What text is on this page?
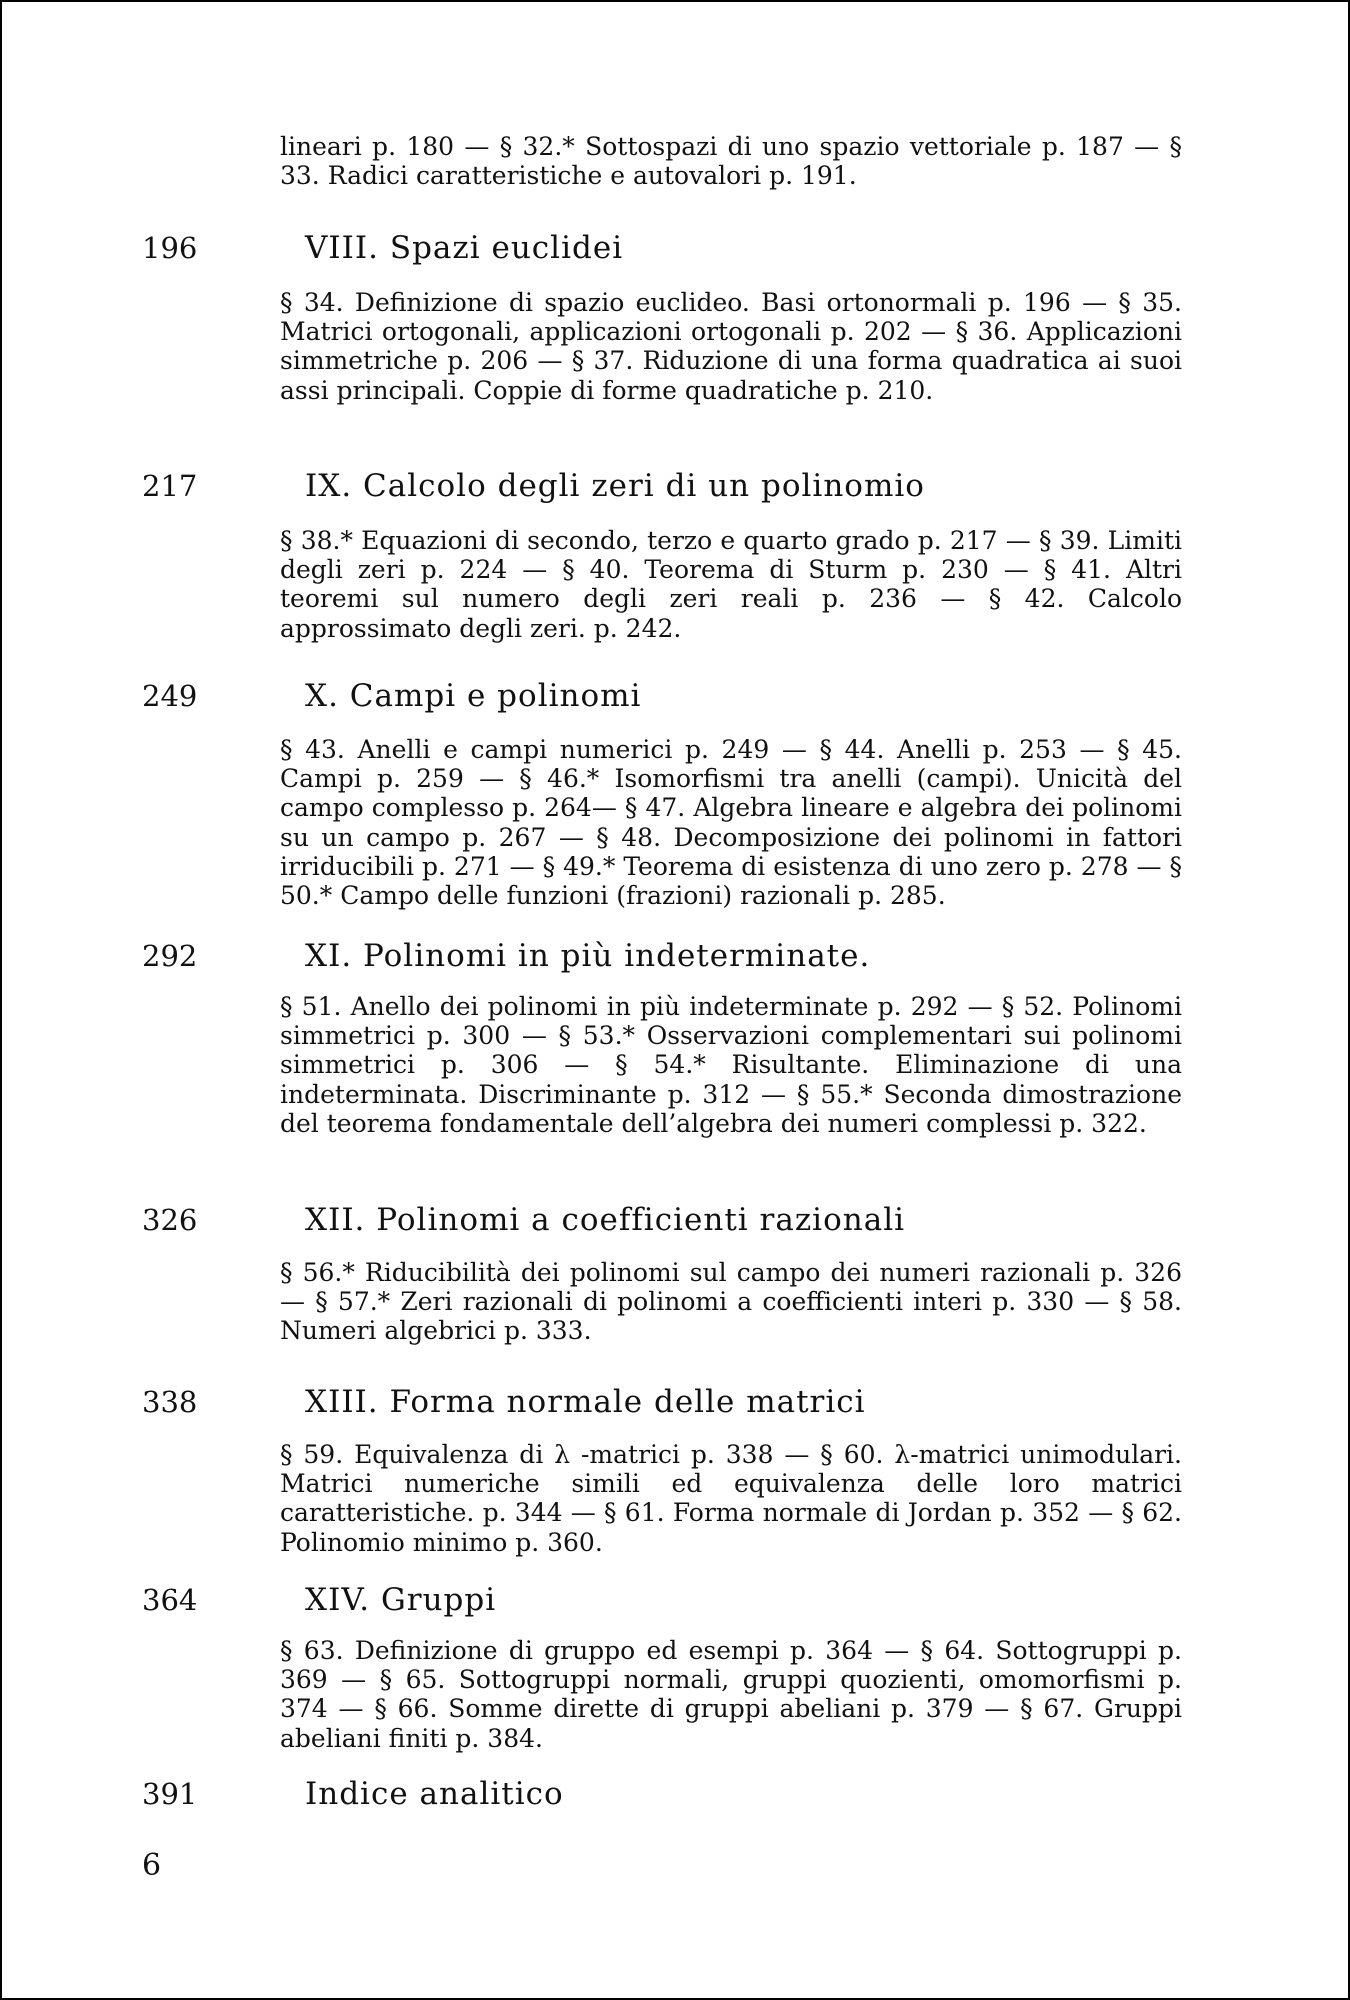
lineari p. 180 — § 32.* Sottospazi di uno spazio vettoriale p. 187 — § 33. Radici caratteristiche e autovalori p. 191.
196	VIII. Spazi euclidei
§ 34. Definizione di spazio euclideo. Basi ortonormali p. 196 — § 35. Matrici ortogonali, applicazioni ortogonali p. 202 — § 36. Applicazioni simmetriche p. 206 — § 37. Riduzione di una forma quadratica ai suoi assi principali. Coppie di forme quadratiche p. 210.
217	IX. Calcolo degli zeri di un polinomio
§ 38.* Equazioni di secondo, terzo e quarto grado p. 217 — § 39. Limiti degli zeri p. 224 — § 40. Teorema di Sturm p. 230 — § 41. Altri teoremi sul numero degli zeri reali p. 236 — § 42. Calcolo approssimato degli zeri. p. 242.
249	X. Campi e polinomi
§ 43. Anelli e campi numerici p. 249 — § 44. Anelli p. 253 — § 45. Campi p. 259 — § 46.* Isomorfismi tra anelli (campi). Unicità del campo complesso p. 264— § 47. Algebra lineare e algebra dei polinomi su un campo p. 267 — § 48. Decomposizione dei polinomi in fattori irriducibili p. 271 — § 49.* Teorema di esistenza di uno zero p. 278 — § 50.* Campo delle funzioni (frazioni) razionali p. 285.
292	XI. Polinomi in più indeterminate.
§ 51. Anello dei polinomi in più indeterminate p. 292 — § 52. Polinomi simmetrici p. 300 — § 53.* Osservazioni complementari sui polinomi simmetrici p. 306 — § 54.* Risultante. Eliminazione di una indeterminata. Discriminante p. 312 — § 55.* Seconda dimostrazione del teorema fondamentale dell’algebra dei numeri complessi p. 322.
326	XII. Polinomi a coefficienti razionali
§ 56.* Riducibilità dei polinomi sul campo dei numeri razionali p. 326 — § 57.* Zeri razionali di polinomi a coefficienti interi p. 330 — § 58. Numeri algebrici p. 333.
338	XIII. Forma normale delle matrici
§ 59. Equivalenza di λ -matrici p. 338 — § 60. λ-matrici unimodulari. Matrici numeriche simili ed equivalenza delle loro matrici caratteristiche. p. 344 — § 61. Forma normale di Jordan p. 352 — § 62. Polinomio minimo p. 360.
364	XIV. Gruppi
§ 63. Definizione di gruppo ed esempi p. 364 — § 64. Sottogruppi p. 369 — § 65. Sottogruppi normali, gruppi quozienti, omomorfismi p. 374 — § 66. Somme dirette di gruppi abeliani p. 379 — § 67. Gruppi abeliani finiti p. 384.
391	Indice analitico
6
